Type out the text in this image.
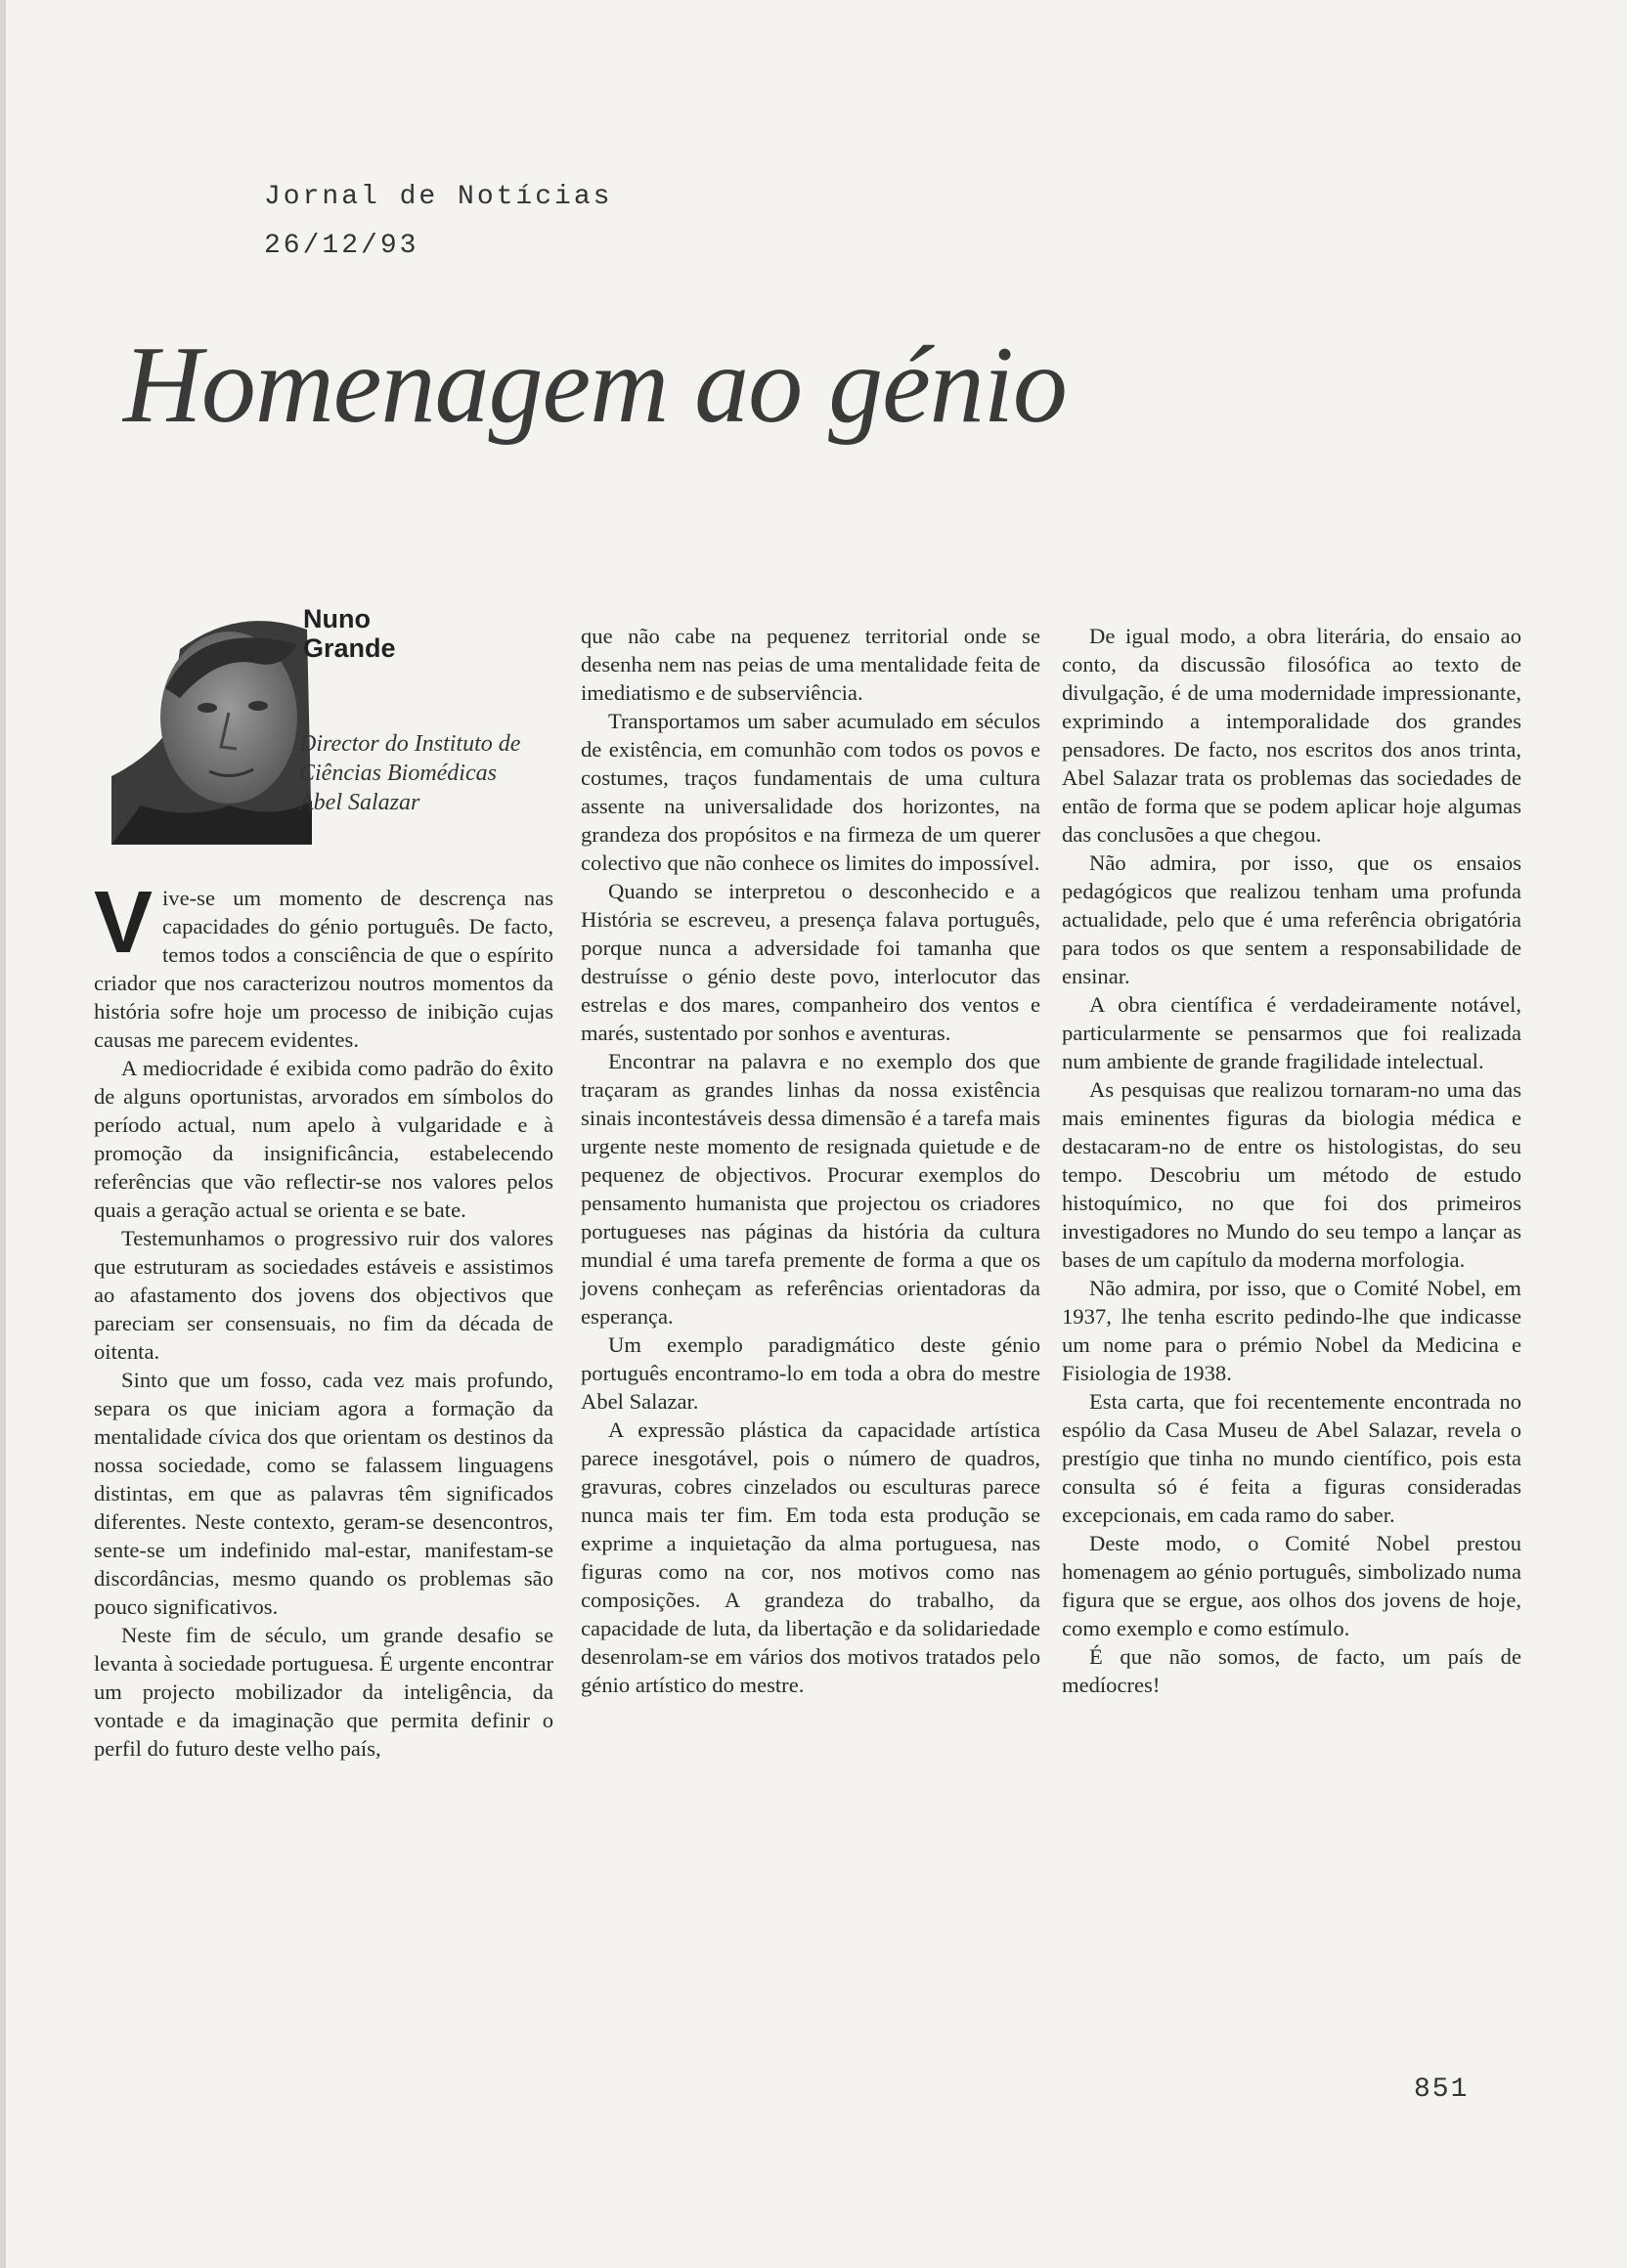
Jornal de Notícias
26/12/93
Homenagem ao génio
Nuno Grande
Director do Instituto de Ciências Biomédicas Abel Salazar

Vive-se um momento de descrença nas capacidades do génio português. De facto, temos todos a consciência de que o espírito criador que nos caracterizou noutros momentos da história sofre hoje um processo de inibição cujas causas me parecem evidentes.

A mediocridade é exibida como padrão do êxito de alguns oportunistas, arvorados em símbolos do período actual, num apelo à vulgaridade e à promoção da insignificância, estabelecendo referências que vão reflectir-se nos valores pelos quais a geração actual se orienta e se bate.

Testemunhamos o progressivo ruir dos valores que estruturam as sociedades estáveis e assistimos ao afastamento dos jovens dos objectivos que pareciam ser consensuais, no fim da década de oitenta.

Sinto que um fosso, cada vez mais profundo, separa os que iniciam agora a formação da mentalidade cívica dos que orientam os destinos da nossa sociedade, como se falassem linguagens distintas, em que as palavras têm significados diferentes. Neste contexto, geram-se desencontros, sente-se um indefinido mal-estar, manifestam-se discordâncias, mesmo quando os problemas são pouco significativos.

Neste fim de século, um grande desafio se levanta à sociedade portuguesa. É urgente encontrar um projecto mobilizador da inteligência, da vontade e da imaginação que permita definir o perfil do futuro deste velho país,

que não cabe na pequenez territorial onde se desenha nem nas peias de uma mentalidade feita de imediatismo e de subserviência.

Transportamos um saber acumulado em séculos de existência, em comunhão com todos os povos e costumes, traços fundamentais de uma cultura assente na universalidade dos horizontes, na grandeza dos propósitos e na firmeza de um querer colectivo que não conhece os limites do impossível.

Quando se interpretou o desconhecido e a História se escreveu, a presença falava português, porque nunca a adversidade foi tamanha que destruísse o génio deste povo, interlocutor das estrelas e dos mares, companheiro dos ventos e marés, sustentado por sonhos e aventuras.

Encontrar na palavra e no exemplo dos que traçaram as grandes linhas da nossa existência sinais incontestáveis dessa dimensão é a tarefa mais urgente neste momento de resignada quietude e de pequenez de objectivos. Procurar exemplos do pensamento humanista que projectou os criadores portugueses nas páginas da história da cultura mundial é uma tarefa premente de forma a que os jovens conheçam as referências orientadoras da esperança.

Um exemplo paradigmático deste génio português encontramo-lo em toda a obra do mestre Abel Salazar.

A expressão plástica da capacidade artística parece inesgotável, pois o número de quadros, gravuras, cobres cinzelados ou esculturas parece nunca mais ter fim. Em toda esta produção se exprime a inquietação da alma portuguesa, nas figuras como na cor, nos motivos como nas composições. A grandeza do trabalho, da capacidade de luta, da libertação e da solidariedade desenrolam-se em vários dos motivos tratados pelo génio artístico do mestre.

De igual modo, a obra literária, do ensaio ao conto, da discussão filosófica ao texto de divulgação, é de uma modernidade impressionante, exprimindo a intemporalidade dos grandes pensadores. De facto, nos escritos dos anos trinta, Abel Salazar trata os problemas das sociedades de então de forma que se podem aplicar hoje algumas das conclusões a que chegou.

Não admira, por isso, que os ensaios pedagógicos que realizou tenham uma profunda actualidade, pelo que é uma referência obrigatória para todos os que sentem a responsabilidade de ensinar.

A obra científica é verdadeiramente notável, particularmente se pensarmos que foi realizada num ambiente de grande fragilidade intelectual.

As pesquisas que realizou tornaram-no uma das mais eminentes figuras da biologia médica e destacaram-no de entre os histologistas, do seu tempo. Descobriu um método de estudo histoquímico, no que foi dos primeiros investigadores no Mundo do seu tempo a lançar as bases de um capítulo da moderna morfologia.

Não admira, por isso, que o Comité Nobel, em 1937, lhe tenha escrito pedindo-lhe que indicasse um nome para o prémio Nobel da Medicina e Fisiologia de 1938.

Esta carta, que foi recentemente encontrada no espólio da Casa Museu de Abel Salazar, revela o prestígio que tinha no mundo científico, pois esta consulta só é feita a figuras consideradas excepcionais, em cada ramo do saber.

Deste modo, o Comité Nobel prestou homenagem ao génio português, simbolizado numa figura que se ergue, aos olhos dos jovens de hoje, como exemplo e como estímulo.

É que não somos, de facto, um país de medíocres!

851
